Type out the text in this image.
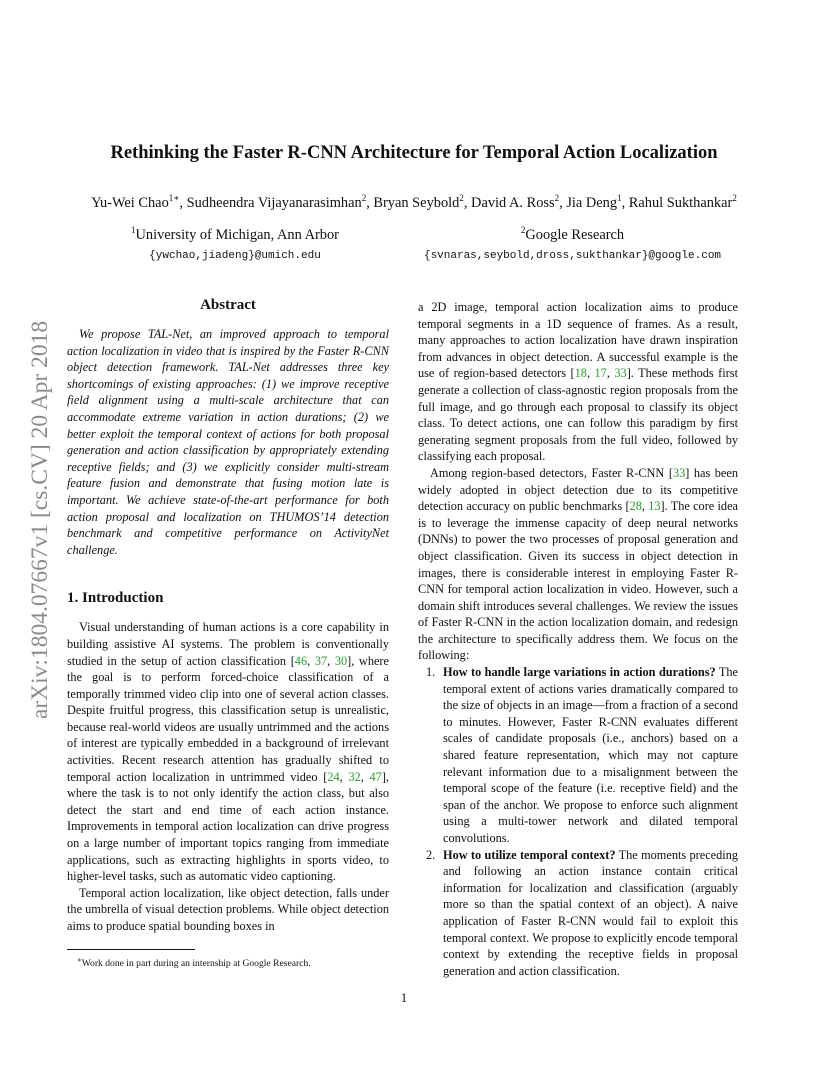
arXiv:1804.07667v1 [cs.CV] 20 Apr 2018
Rethinking the Faster R-CNN Architecture for Temporal Action Localization
Yu-Wei Chao$^{1∗}$, Sudheendra Vijayanarasimhan$^2$, Bryan Seybold$^2$, David A. Ross$^2$, Jia Deng$^1$, Rahul Sukthankar$^2$
$^1$University of Michigan, Ann Arbor
{ywchao,jiadeng}@umich.edu
$^2$Google Research
{svnaras,seybold,dross,sukthankar}@google.com
Abstract

We propose TAL-Net, an improved approach to temporal action localization in video that is inspired by the Faster R-CNN object detection framework. TAL-Net addresses three key shortcomings of existing approaches: (1) we improve receptive field alignment using a multi-scale architecture that can accommodate extreme variation in action durations; (2) we better exploit the temporal context of actions for both proposal generation and action classification by appropriately extending receptive fields; and (3) we explicitly consider multi-stream feature fusion and demonstrate that fusing motion late is important. We achieve state-of-the-art performance for both action proposal and localization on THUMOS’14 detection benchmark and competitive performance on ActivityNet challenge.

1. Introduction

Visual understanding of human actions is a core capability in building assistive AI systems. The problem is conventionally studied in the setup of action classification [46, 37, 30], where the goal is to perform forced-choice classification of a temporally trimmed video clip into one of several action classes. Despite fruitful progress, this classification setup is unrealistic, because real-world videos are usually untrimmed and the actions of interest are typically embedded in a background of irrelevant activities. Recent research attention has gradually shifted to temporal action localization in untrimmed video [24, 32, 47], where the task is to not only identify the action class, but also detect the start and end time of each action instance. Improvements in temporal action localization can drive progress on a large number of important topics ranging from immediate applications, such as extracting highlights in sports video, to higher-level tasks, such as automatic video captioning.

Temporal action localization, like object detection, falls under the umbrella of visual detection problems. While object detection aims to produce spatial bounding boxes in

∗Work done in part during an internship at Google Research.

a 2D image, temporal action localization aims to produce temporal segments in a 1D sequence of frames. As a result, many approaches to action localization have drawn inspiration from advances in object detection. A successful example is the use of region-based detectors [18, 17, 33]. These methods first generate a collection of class-agnostic region proposals from the full image, and go through each proposal to classify its object class. To detect actions, one can follow this paradigm by first generating segment proposals from the full video, followed by classifying each proposal.

Among region-based detectors, Faster R-CNN [33] has been widely adopted in object detection due to its competitive detection accuracy on public benchmarks [28, 13]. The core idea is to leverage the immense capacity of deep neural networks (DNNs) to power the two processes of proposal generation and object classification. Given its success in object detection in images, there is considerable interest in employing Faster R-CNN for temporal action localization in video. However, such a domain shift introduces several challenges. We review the issues of Faster R-CNN in the action localization domain, and redesign the architecture to specifically address them. We focus on the following:

1. How to handle large variations in action durations? The temporal extent of actions varies dramatically compared to the size of objects in an image—from a fraction of a second to minutes. However, Faster R-CNN evaluates different scales of candidate proposals (i.e., anchors) based on a shared feature representation, which may not capture relevant information due to a misalignment between the temporal scope of the feature (i.e. receptive field) and the span of the anchor. We propose to enforce such alignment using a multi-tower network and dilated temporal convolutions.

2. How to utilize temporal context? The moments preceding and following an action instance contain critical information for localization and classification (arguably more so than the spatial context of an object). A naive application of Faster R-CNN would fail to exploit this temporal context. We propose to explicitly encode temporal context by extending the receptive fields in proposal generation and action classification.

1
